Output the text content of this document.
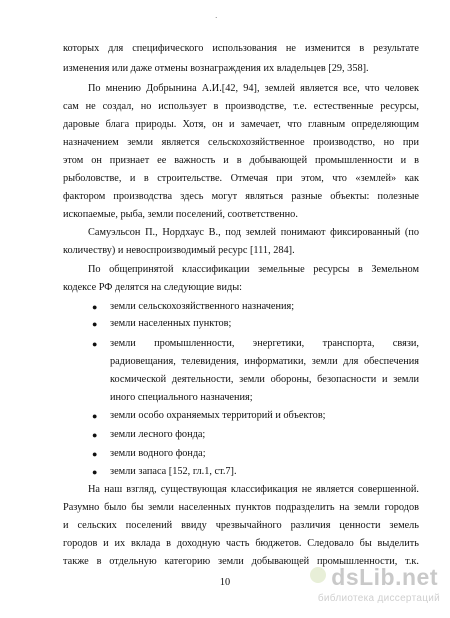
·
которых для специфического использования не изменится в результате
изменения или даже отмены вознаграждения их владельцев [29, 358].
По мнению Добрынина А.И.[42, 94], землей является все, что человек
сам не создал, но использует в производстве, т.е. естественные ресурсы,
даровые блага природы. Хотя, он и замечает, что главным определяющим
назначением земли является сельскохозяйственное производство, но при
этом он признает ее важность и в добывающей промышленности и в
рыболовстве, и в строительстве. Отмечая при этом, что «землей» как
фактором производства здесь могут являться разные объекты: полезные
ископаемые, рыба, земли поселений, соответственно.
Самуэльсон П., Нордхаус В., под землей понимают фиксированный (по
количеству) и невоспроизводимый ресурс [111, 284].
По общепринятой классификации земельные ресурсы в Земельном
кодексе РФ делятся на следующие виды:
● земли сельскохозяйственного назначения;
● земли населенных пунктов;
● земли промышленности, энергетики, транспорта, связи,
радиовещания, телевидения, информатики, земли для обеспечения
космической деятельности, земли обороны, безопасности и земли
иного специального назначения;
● земли особо охраняемых территорий и объектов;
● земли лесного фонда;
● земли водного фонда;
● земли запаса [152, гл.1, ст.7].
На наш взгляд, существующая классификация не является совершенной.
Разумно было бы земли населенных пунктов подразделить на земли городов
и сельских поселений ввиду чрезвычайного различия ценности земель
городов и их вклада в доходную часть бюджетов. Следовало бы выделить
также в отдельную категорию земли добывающей промышленности, т.к.
10	dsLib.net
библиотека диссертаций
